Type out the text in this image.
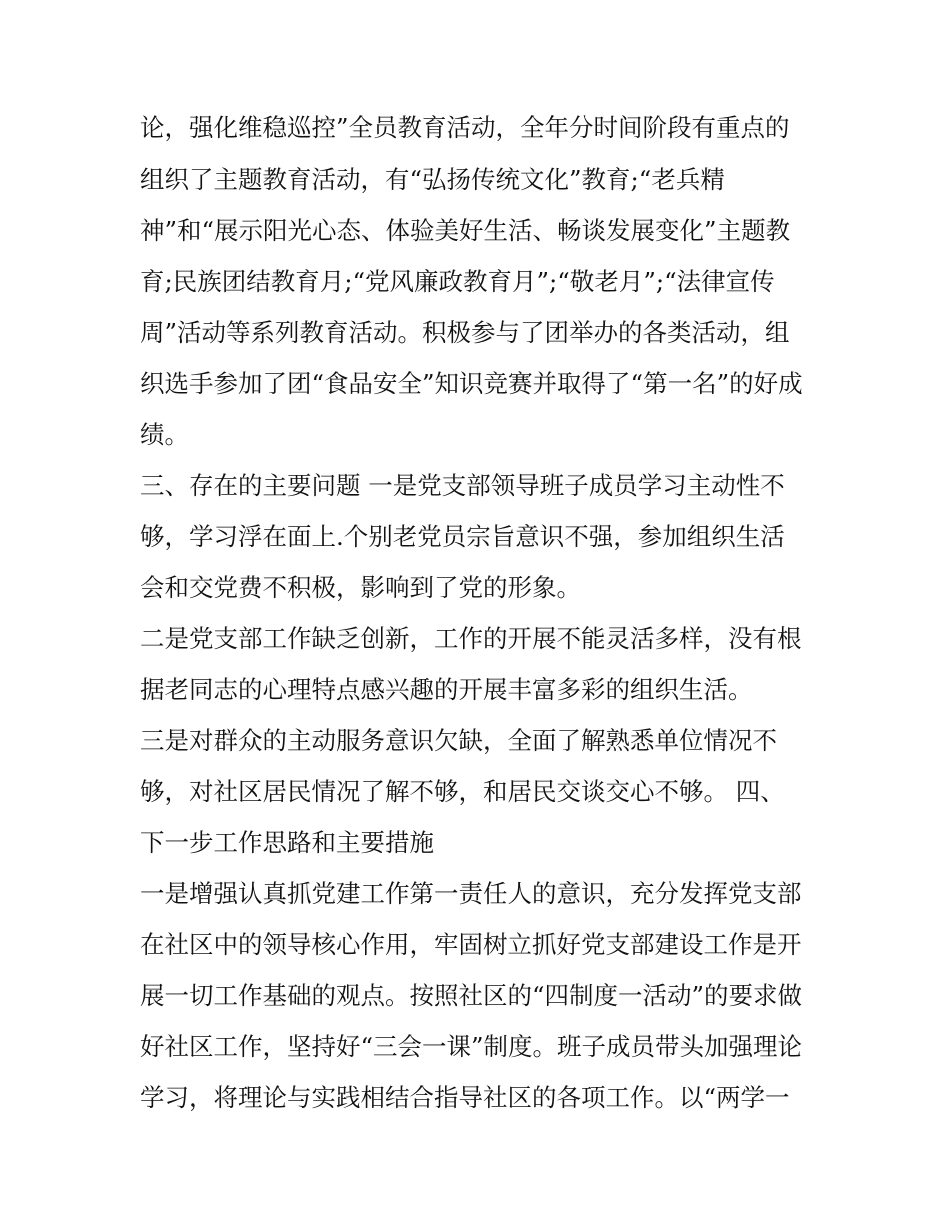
论，强化维稳巡控”全员教育活动，全年分时间阶段有重点的
组织了主题教育活动，有“弘扬传统文化”教育;“老兵精
神”和“展示阳光心态、体验美好生活、畅谈发展变化”主题教
育;民族团结教育月;“党风廉政教育月”;“敬老月”;“法律宣传
周”活动等系列教育活动。积极参与了团举办的各类活动，组
织选手参加了团“食品安全”知识竞赛并取得了“第一名”的好成
绩。
三、存在的主要问题 一是党支部领导班子成员学习主动性不
够，学习浮在面上.个别老党员宗旨意识不强，参加组织生活
会和交党费不积极，影响到了党的形象。
二是党支部工作缺乏创新，工作的开展不能灵活多样，没有根
据老同志的心理特点感兴趣的开展丰富多彩的组织生活。
三是对群众的主动服务意识欠缺，全面了解熟悉单位情况不
够，对社区居民情况了解不够，和居民交谈交心不够。 四、
下一步工作思路和主要措施
一是增强认真抓党建工作第一责任人的意识，充分发挥党支部
在社区中的领导核心作用，牢固树立抓好党支部建设工作是开
展一切工作基础的观点。按照社区的“四制度一活动”的要求做
好社区工作，坚持好“三会一课”制度。班子成员带头加强理论
学习，将理论与实践相结合指导社区的各项工作。以“两学一
